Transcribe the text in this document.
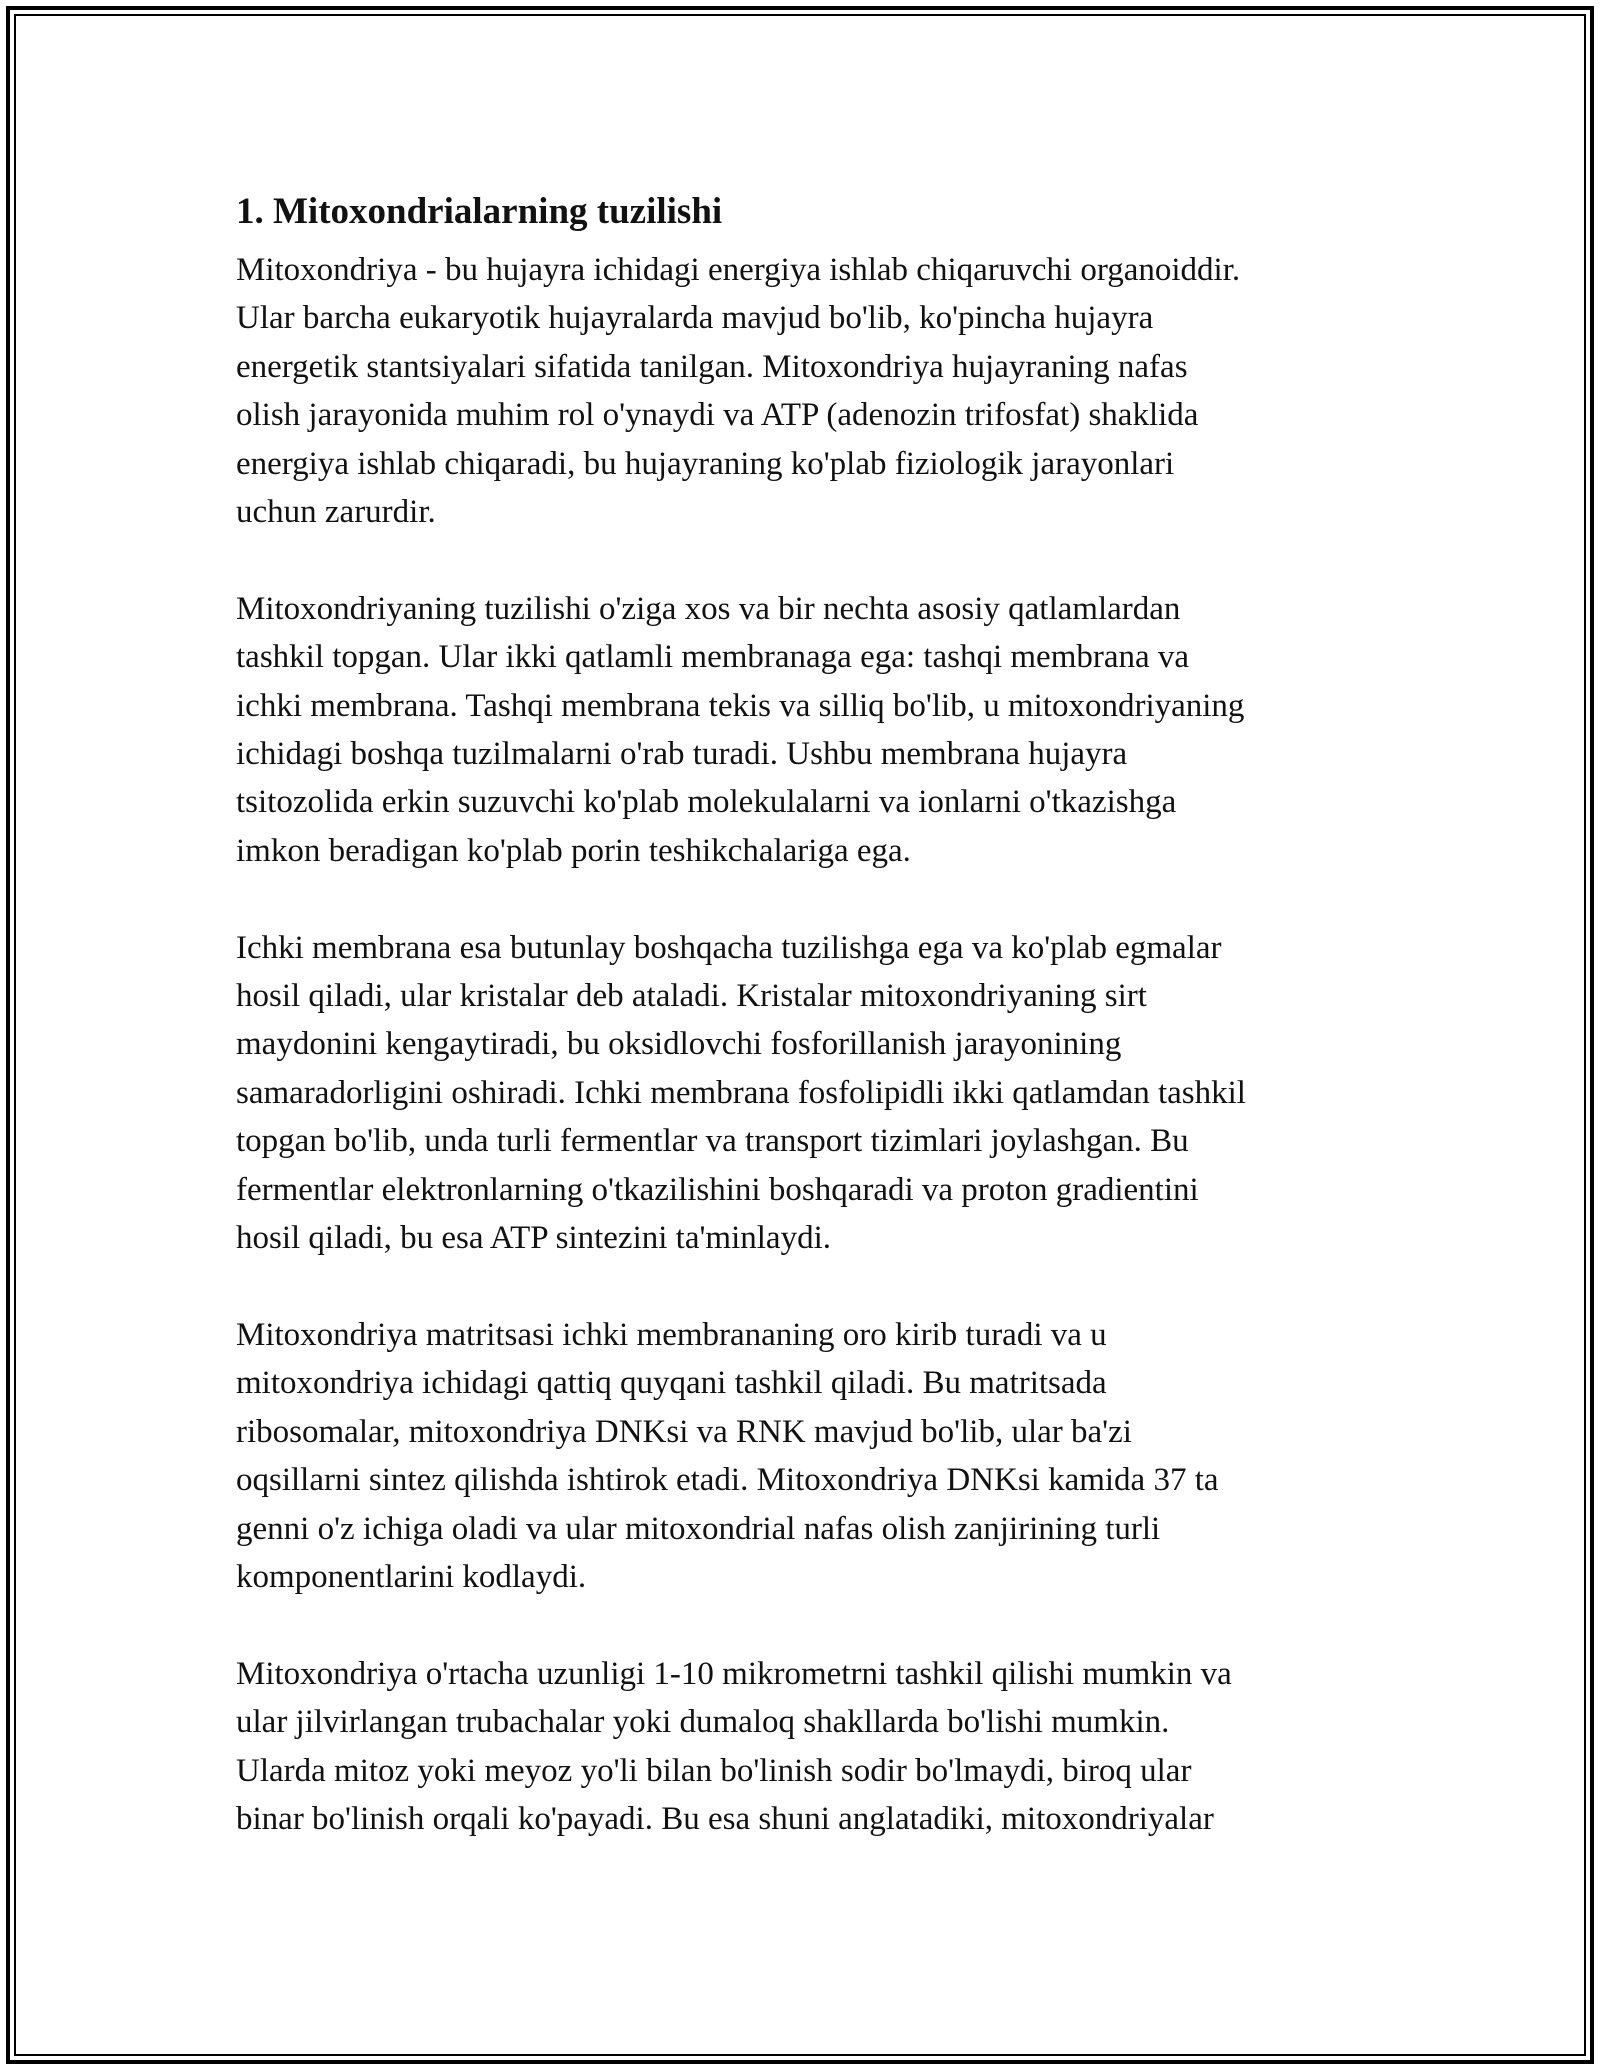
1. Mitoxondrialarning tuzilishi

Mitoxondriya - bu hujayra ichidagi energiya ishlab chiqaruvchi organoiddir.
Ular barcha eukaryotik hujayralarda mavjud bo'lib, ko'pincha hujayra
energetik stantsiyalari sifatida tanilgan. Mitoxondriya hujayraning nafas
olish jarayonida muhim rol o'ynaydi va ATP (adenozin trifosfat) shaklida
energiya ishlab chiqaradi, bu hujayraning ko'plab fiziologik jarayonlari
uchun zarurdir.

Mitoxondriyaning tuzilishi o'ziga xos va bir nechta asosiy qatlamlardan
tashkil topgan. Ular ikki qatlamli membranaga ega: tashqi membrana va
ichki membrana. Tashqi membrana tekis va silliq bo'lib, u mitoxondriyaning
ichidagi boshqa tuzilmalarni o'rab turadi. Ushbu membrana hujayra
tsitozolida erkin suzuvchi ko'plab molekulalarni va ionlarni o'tkazishga
imkon beradigan ko'plab porin teshikchalariga ega.

Ichki membrana esa butunlay boshqacha tuzilishga ega va ko'plab egmalar
hosil qiladi, ular kristalar deb ataladi. Kristalar mitoxondriyaning sirt
maydonini kengaytiradi, bu oksidlovchi fosforillanish jarayonining
samaradorligini oshiradi. Ichki membrana fosfolipidli ikki qatlamdan tashkil
topgan bo'lib, unda turli fermentlar va transport tizimlari joylashgan. Bu
fermentlar elektronlarning o'tkazilishini boshqaradi va proton gradientini
hosil qiladi, bu esa ATP sintezini ta'minlaydi.

Mitoxondriya matritsasi ichki membrananing oro kirib turadi va u
mitoxondriya ichidagi qattiq quyqani tashkil qiladi. Bu matritsada
ribosomalar, mitoxondriya DNKsi va RNK mavjud bo'lib, ular ba'zi
oqsillarni sintez qilishda ishtirok etadi. Mitoxondriya DNKsi kamida 37 ta
genni o'z ichiga oladi va ular mitoxondrial nafas olish zanjirining turli
komponentlarini kodlaydi.

Mitoxondriya o'rtacha uzunligi 1-10 mikrometrni tashkil qilishi mumkin va
ular jilvirlangan trubachalar yoki dumaloq shakllarda bo'lishi mumkin.
Ularda mitoz yoki meyoz yo'li bilan bo'linish sodir bo'lmaydi, biroq ular
binar bo'linish orqali ko'payadi. Bu esa shuni anglatadiki, mitoxondriyalar
